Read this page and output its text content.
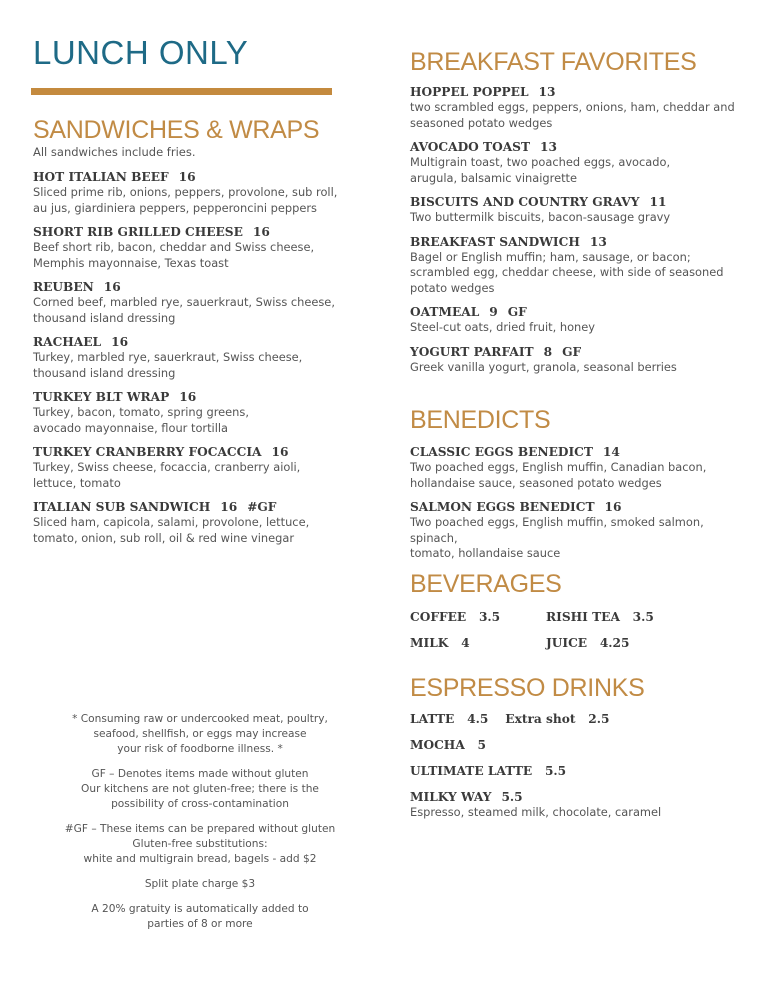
LUNCH ONLY
SANDWICHES & WRAPS
All sandwiches include fries.
HOT ITALIAN BEEF 16
Sliced prime rib, onions, peppers, provolone, sub roll,
au jus, giardiniera peppers, pepperoncini peppers
SHORT RIB GRILLED CHEESE 16
Beef short rib, bacon, cheddar and Swiss cheese,
Memphis mayonnaise, Texas toast
REUBEN 16
Corned beef, marbled rye, sauerkraut, Swiss cheese,
thousand island dressing
RACHAEL 16
Turkey, marbled rye, sauerkraut, Swiss cheese,
thousand island dressing
TURKEY BLT WRAP 16
Turkey, bacon, tomato, spring greens,
avocado mayonnaise, flour tortilla
TURKEY CRANBERRY FOCACCIA 16
Turkey, Swiss cheese, focaccia, cranberry aioli,
lettuce, tomato
ITALIAN SUB SANDWICH 16 #GF
Sliced ham, capicola, salami, provolone, lettuce,
tomato, onion, sub roll, oil & red wine vinegar

* Consuming raw or undercooked meat, poultry,
seafood, shellfish, or eggs may increase
your risk of foodborne illness. *

GF – Denotes items made without gluten
Our kitchens are not gluten-free; there is the
possibility of cross-contamination

#GF – These items can be prepared without gluten
Gluten-free substitutions:
white and multigrain bread, bagels - add $2

Split plate charge $3

A 20% gratuity is automatically added to
parties of 8 or more

BREAKFAST FAVORITES
HOPPEL POPPEL 13
two scrambled eggs, peppers, onions, ham, cheddar and
seasoned potato wedges
AVOCADO TOAST 13
Multigrain toast, two poached eggs, avocado,
arugula, balsamic vinaigrette
BISCUITS AND COUNTRY GRAVY 11
Two buttermilk biscuits, bacon-sausage gravy
BREAKFAST SANDWICH 13
Bagel or English muffin; ham, sausage, or bacon;
scrambled egg, cheddar cheese, with side of seasoned
potato wedges
OATMEAL 9 GF
Steel-cut oats, dried fruit, honey
YOGURT PARFAIT 8 GF
Greek vanilla yogurt, granola, seasonal berries
BENEDICTS
CLASSIC EGGS BENEDICT 14
Two poached eggs, English muffin, Canadian bacon,
hollandaise sauce, seasoned potato wedges
SALMON EGGS BENEDICT 16
Two poached eggs, English muffin, smoked salmon, spinach,
tomato, hollandaise sauce
BEVERAGES
COFFEE 3.5	RISHI TEA 3.5
MILK 4	JUICE 4.25
ESPRESSO DRINKS
LATTE 4.5 Extra shot 2.5
MOCHA 5
ULTIMATE LATTE 5.5
MILKY WAY 5.5
Espresso, steamed milk, chocolate, caramel
